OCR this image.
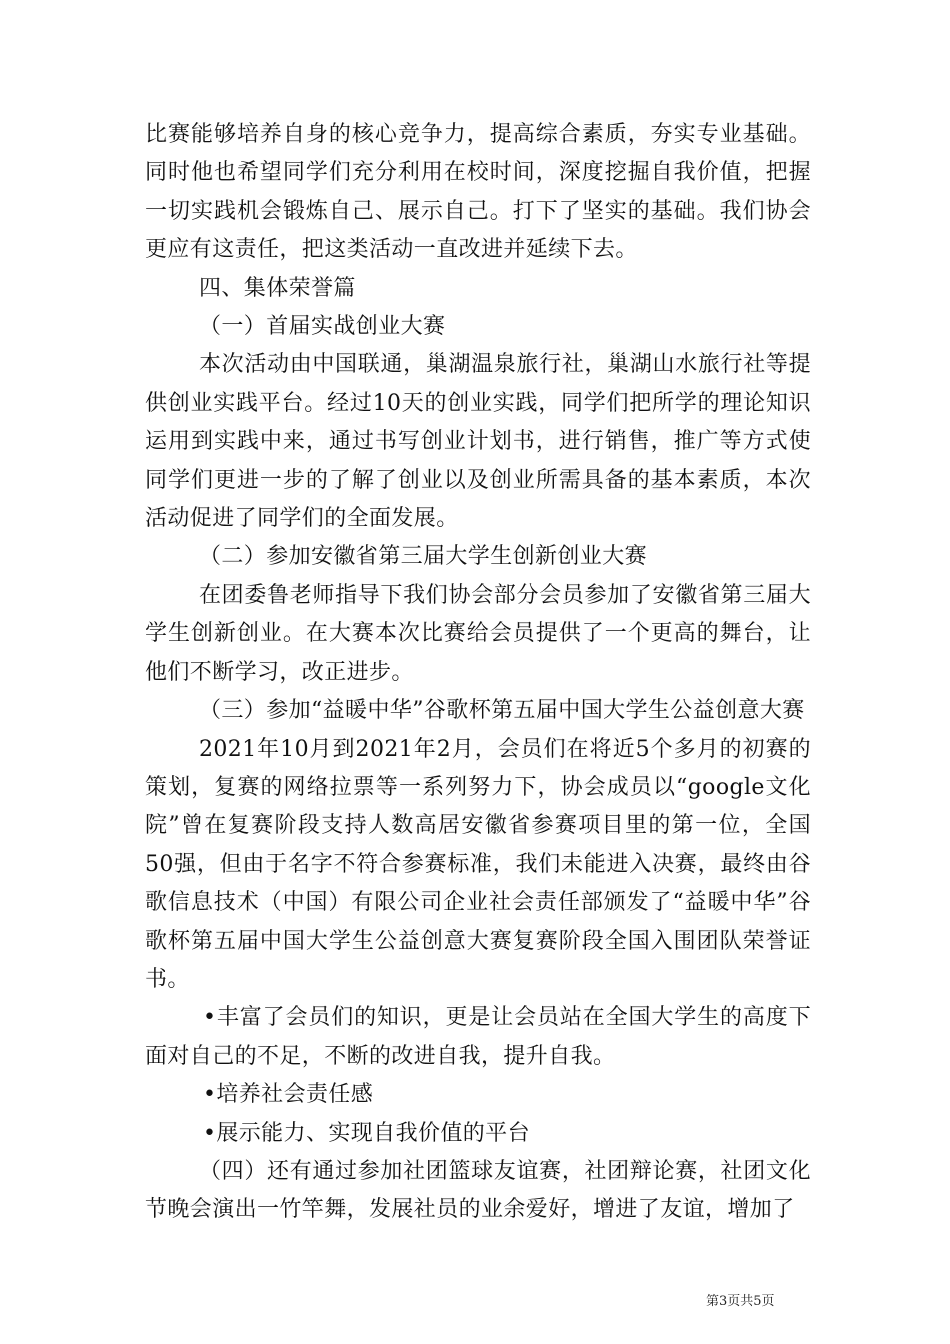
比赛能够培养自身的核心竞争力，提高综合素质，夯实专业基础。同时他也希望同学们充分利用在校时间，深度挖掘自我价值，把握一切实践机会锻炼自己、展示自己。打下了坚实的基础。我们协会更应有这责任，把这类活动一直改进并延续下去。

四、集体荣誉篇

（一）首届实战创业大赛

本次活动由中国联通，巢湖温泉旅行社，巢湖山水旅行社等提供创业实践平台。经过10天的创业实践，同学们把所学的理论知识运用到实践中来，通过书写创业计划书，进行销售，推广等方式使同学们更进一步的了解了创业以及创业所需具备的基本素质，本次活动促进了同学们的全面发展。

（二）参加安徽省第三届大学生创新创业大赛

在团委鲁老师指导下我们协会部分会员参加了安徽省第三届大学生创新创业。在大赛本次比赛给会员提供了一个更高的舞台，让他们不断学习，改正进步。

（三）参加“益暖中华”谷歌杯第五届中国大学生公益创意大赛

2021年10月到2021年2月，会员们在将近5个多月的初赛的策划，复赛的网络拉票等一系列努力下，协会成员以“google文化院”曾在复赛阶段支持人数高居安徽省参赛项目里的第一位，全国50强，但由于名字不符合参赛标准，我们未能进入决赛，最终由谷歌信息技术（中国）有限公司企业社会责任部颁发了“益暖中华”谷歌杯第五届中国大学生公益创意大赛复赛阶段全国入围团队荣誉证书。

•丰富了会员们的知识，更是让会员站在全国大学生的高度下面对自己的不足，不断的改进自我，提升自我。

•培养社会责任感

•展示能力、实现自我价值的平台

（四）还有通过参加社团篮球友谊赛，社团辩论赛，社团文化节晚会演出一竹竿舞，发展社员的业余爱好，增进了友谊，增加了

第3页共5页
